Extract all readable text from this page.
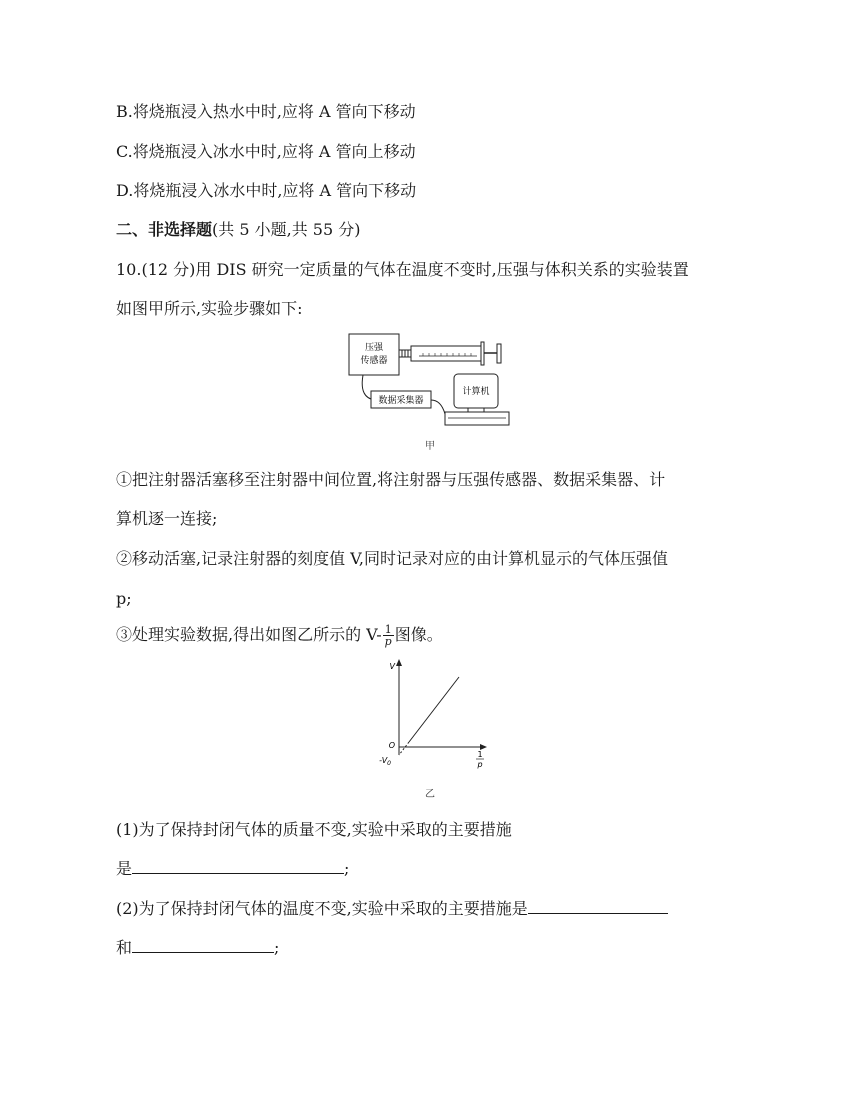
B.将烧瓶浸入热水中时,应将 A 管向下移动
C.将烧瓶浸入冰水中时,应将 A 管向上移动
D.将烧瓶浸入冰水中时,应将 A 管向下移动
二、非选择题(共 5 小题,共 55 分)
10.(12 分)用 DIS 研究一定质量的气体在温度不变时,压强与体积关系的实验装置
如图甲所示,实验步骤如下:
压强
传感器
数据采集器
计算机
甲
①把注射器活塞移至注射器中间位置,将注射器与压强传感器、数据采集器、计
算机逐一连接;
②移动活塞,记录注射器的刻度值 V,同时记录对应的由计算机显示的气体压强值
p;
③处理实验数据,得出如图乙所示的 $V- \frac{1}{p}$ 图像。
V
1
p
O
$-V_0$
乙
(1)为了保持封闭气体的质量不变,实验中采取的主要措施
是	;
(2)为了保持封闭气体的温度不变,实验中采取的主要措施是
和	;
